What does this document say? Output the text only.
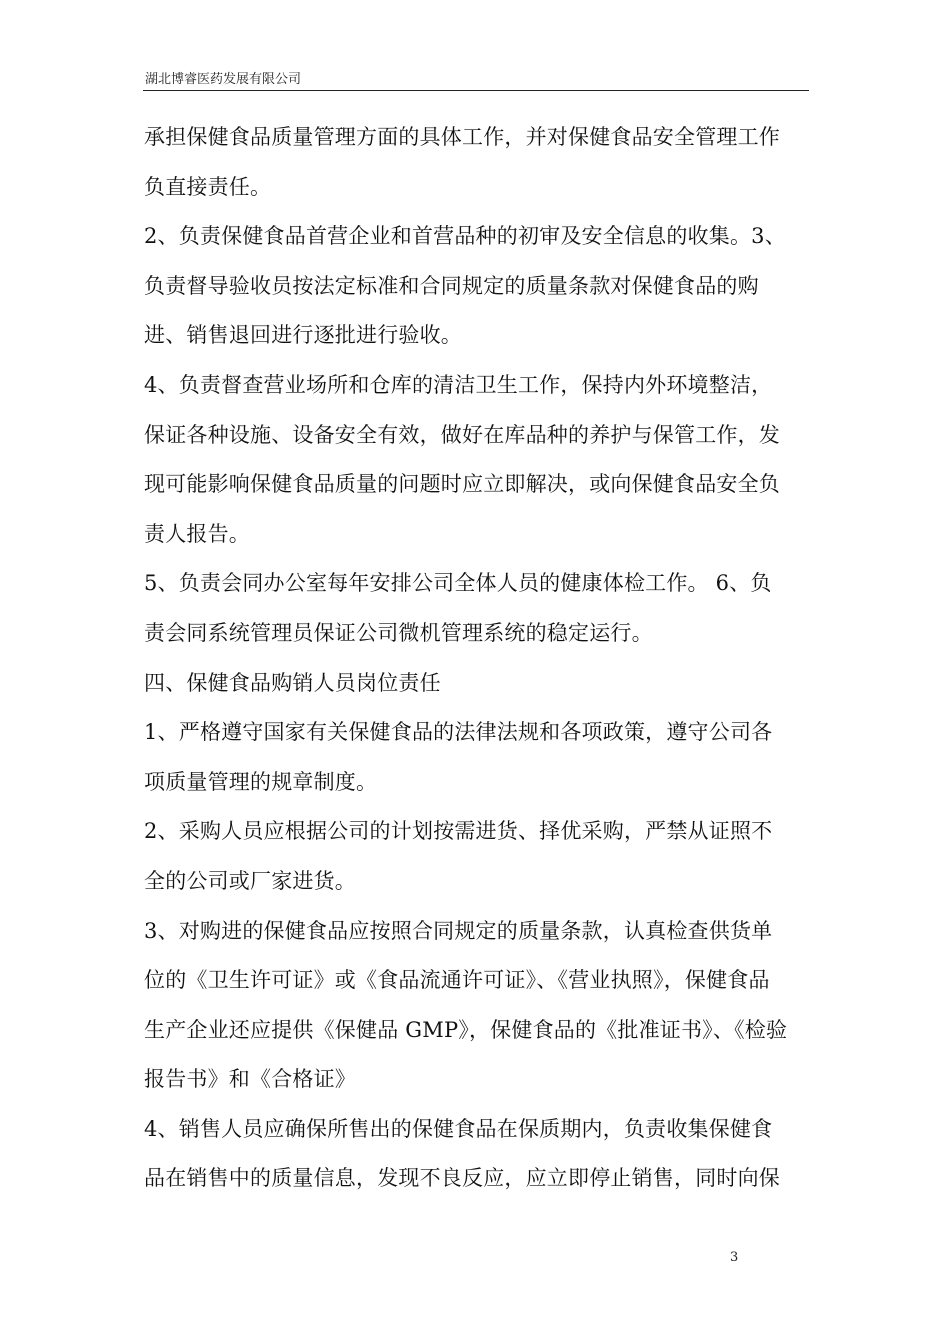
湖北博睿医药发展有限公司
承担保健食品质量管理方面的具体工作，并对保健食品安全管理工作
负直接责任。
2、负责保健食品首营企业和首营品种的初审及安全信息的收集。3、
负责督导验收员按法定标准和合同规定的质量条款对保健食品的购
进、销售退回进行逐批进行验收。
4、负责督查营业场所和仓库的清洁卫生工作，保持内外环境整洁，
保证各种设施、设备安全有效，做好在库品种的养护与保管工作，发
现可能影响保健食品质量的问题时应立即解决，或向保健食品安全负
责人报告。
5、负责会同办公室每年安排公司全体人员的健康体检工作。 6、负
责会同系统管理员保证公司微机管理系统的稳定运行。
四、保健食品购销人员岗位责任
1、严格遵守国家有关保健食品的法律法规和各项政策，遵守公司各
项质量管理的规章制度。
2、采购人员应根据公司的计划按需进货、择优采购，严禁从证照不
全的公司或厂家进货。
3、对购进的保健食品应按照合同规定的质量条款，认真检查供货单
位的《卫生许可证》或《食品流通许可证》、《营业执照》，保健食品
生产企业还应提供《保健品 GMP》，保健食品的《批准证书》、《检验
报告书》和《合格证》
4、销售人员应确保所售出的保健食品在保质期内，负责收集保健食
品在销售中的质量信息，发现不良反应，应立即停止销售，同时向保
3
